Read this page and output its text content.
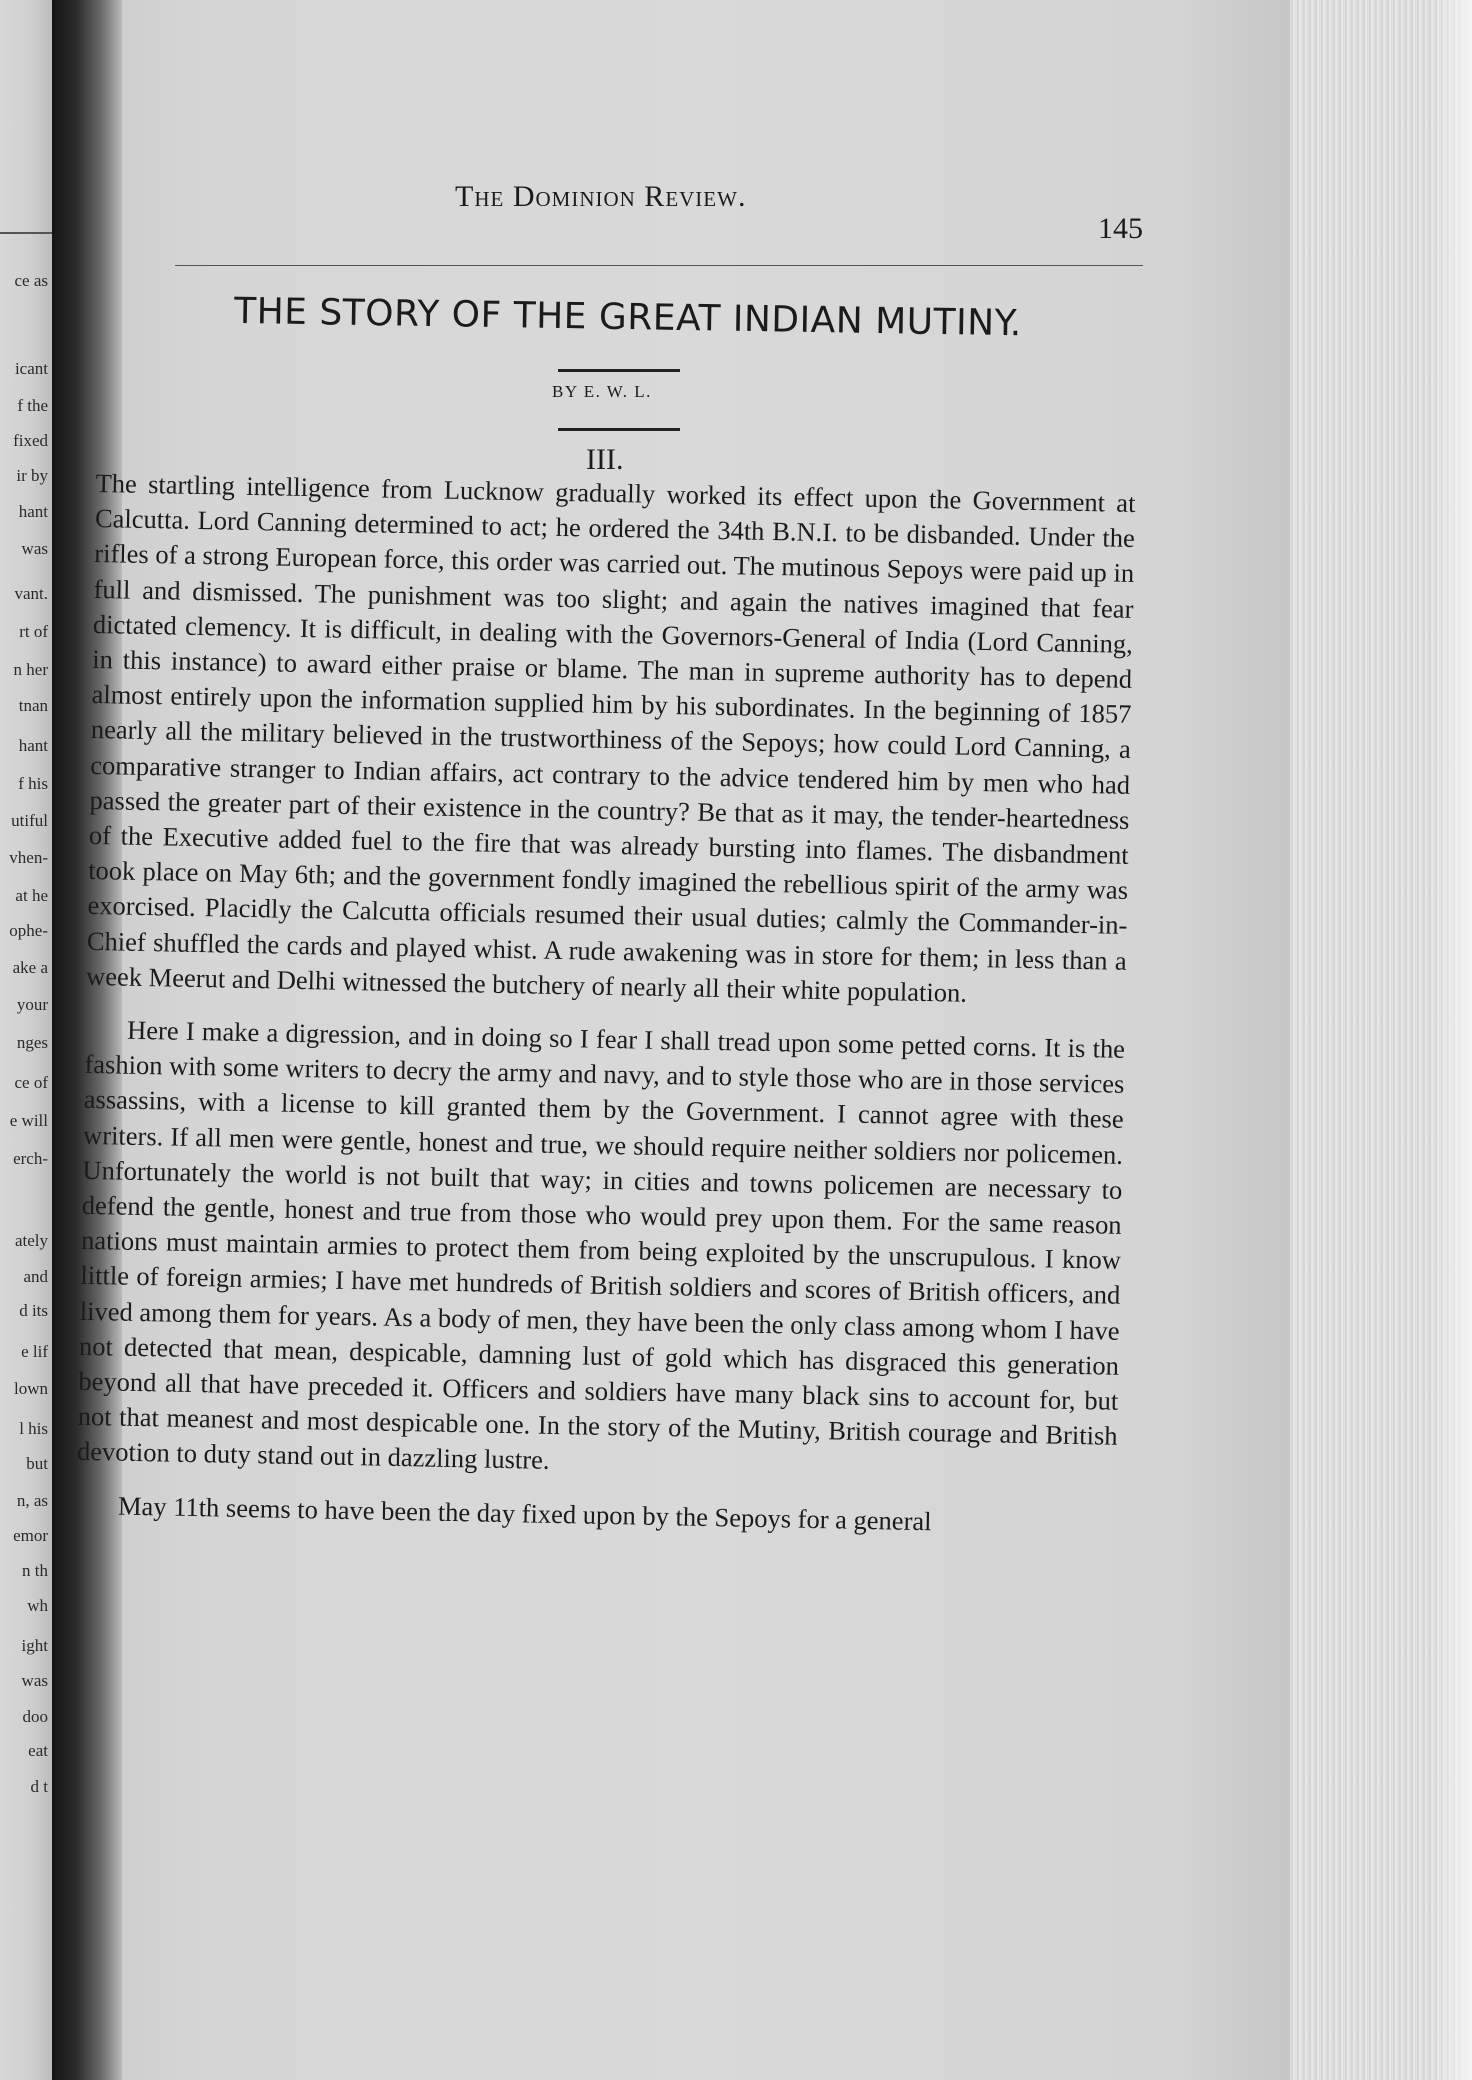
ce as
icant
f the
fixed
ir by
hant
was
vant.
rt of
n her
tnan
hant
f his
utiful
vhen-
at he
ophe-
ake a
your
nges
ce of
e will
erch-
ately
and
d its
e lif
lown
l his
but
n, as
emor
n th
wh
ight
was
doo
eat
d t
The Dominion Review.
145
THE STORY OF THE GREAT INDIAN MUTINY.
BY E. W. L.
III.

The startling intelligence from Lucknow gradually worked its effect upon the Government at Calcutta. Lord Canning determined to act; he ordered the 34th B.N.I. to be disbanded. Under the rifles of a strong European force, this order was carried out. The mutinous Sepoys were paid up in full and dismissed. The punishment was too slight; and again the natives imagined that fear dictated clemency. It is difficult, in dealing with the Governors-General of India (Lord Canning, in this instance) to award either praise or blame. The man in supreme authority has to depend almost entirely upon the information supplied him by his subordinates. In the beginning of 1857 nearly all the military believed in the trustworthiness of the Sepoys; how could Lord Canning, a comparative stranger to Indian affairs, act contrary to the advice tendered him by men who had passed the greater part of their existence in the country? Be that as it may, the tender-heartedness of the Executive added fuel to the fire that was already bursting into flames. The disbandment took place on May 6th; and the government fondly imagined the rebellious spirit of the army was exorcised. Placidly the Calcutta officials resumed their usual duties; calmly the Commander-in-Chief shuffled the cards and played whist. A rude awakening was in store for them; in less than a week Meerut and Delhi witnessed the butchery of nearly all their white population.

Here I make a digression, and in doing so I fear I shall tread upon some petted corns. It is the fashion with some writers to decry the army and navy, and to style those who are in those services assassins, with a license to kill granted them by the Government. I cannot agree with these writers. If all men were gentle, honest and true, we should require neither soldiers nor policemen. Unfortunately the world is not built that way; in cities and towns policemen are necessary to defend the gentle, honest and true from those who would prey upon them. For the same reason nations must maintain armies to protect them from being exploited by the unscrupulous. I know little of foreign armies; I have met hundreds of British soldiers and scores of British officers, and lived among them for years. As a body of men, they have been the only class among whom I have not detected that mean, despicable, damning lust of gold which has disgraced this generation beyond all that have preceded it. Officers and soldiers have many black sins to account for, but not that meanest and most despicable one. In the story of the Mutiny, British courage and British devotion to duty stand out in dazzling lustre.

May 11th seems to have been the day fixed upon by the Sepoys for a general
